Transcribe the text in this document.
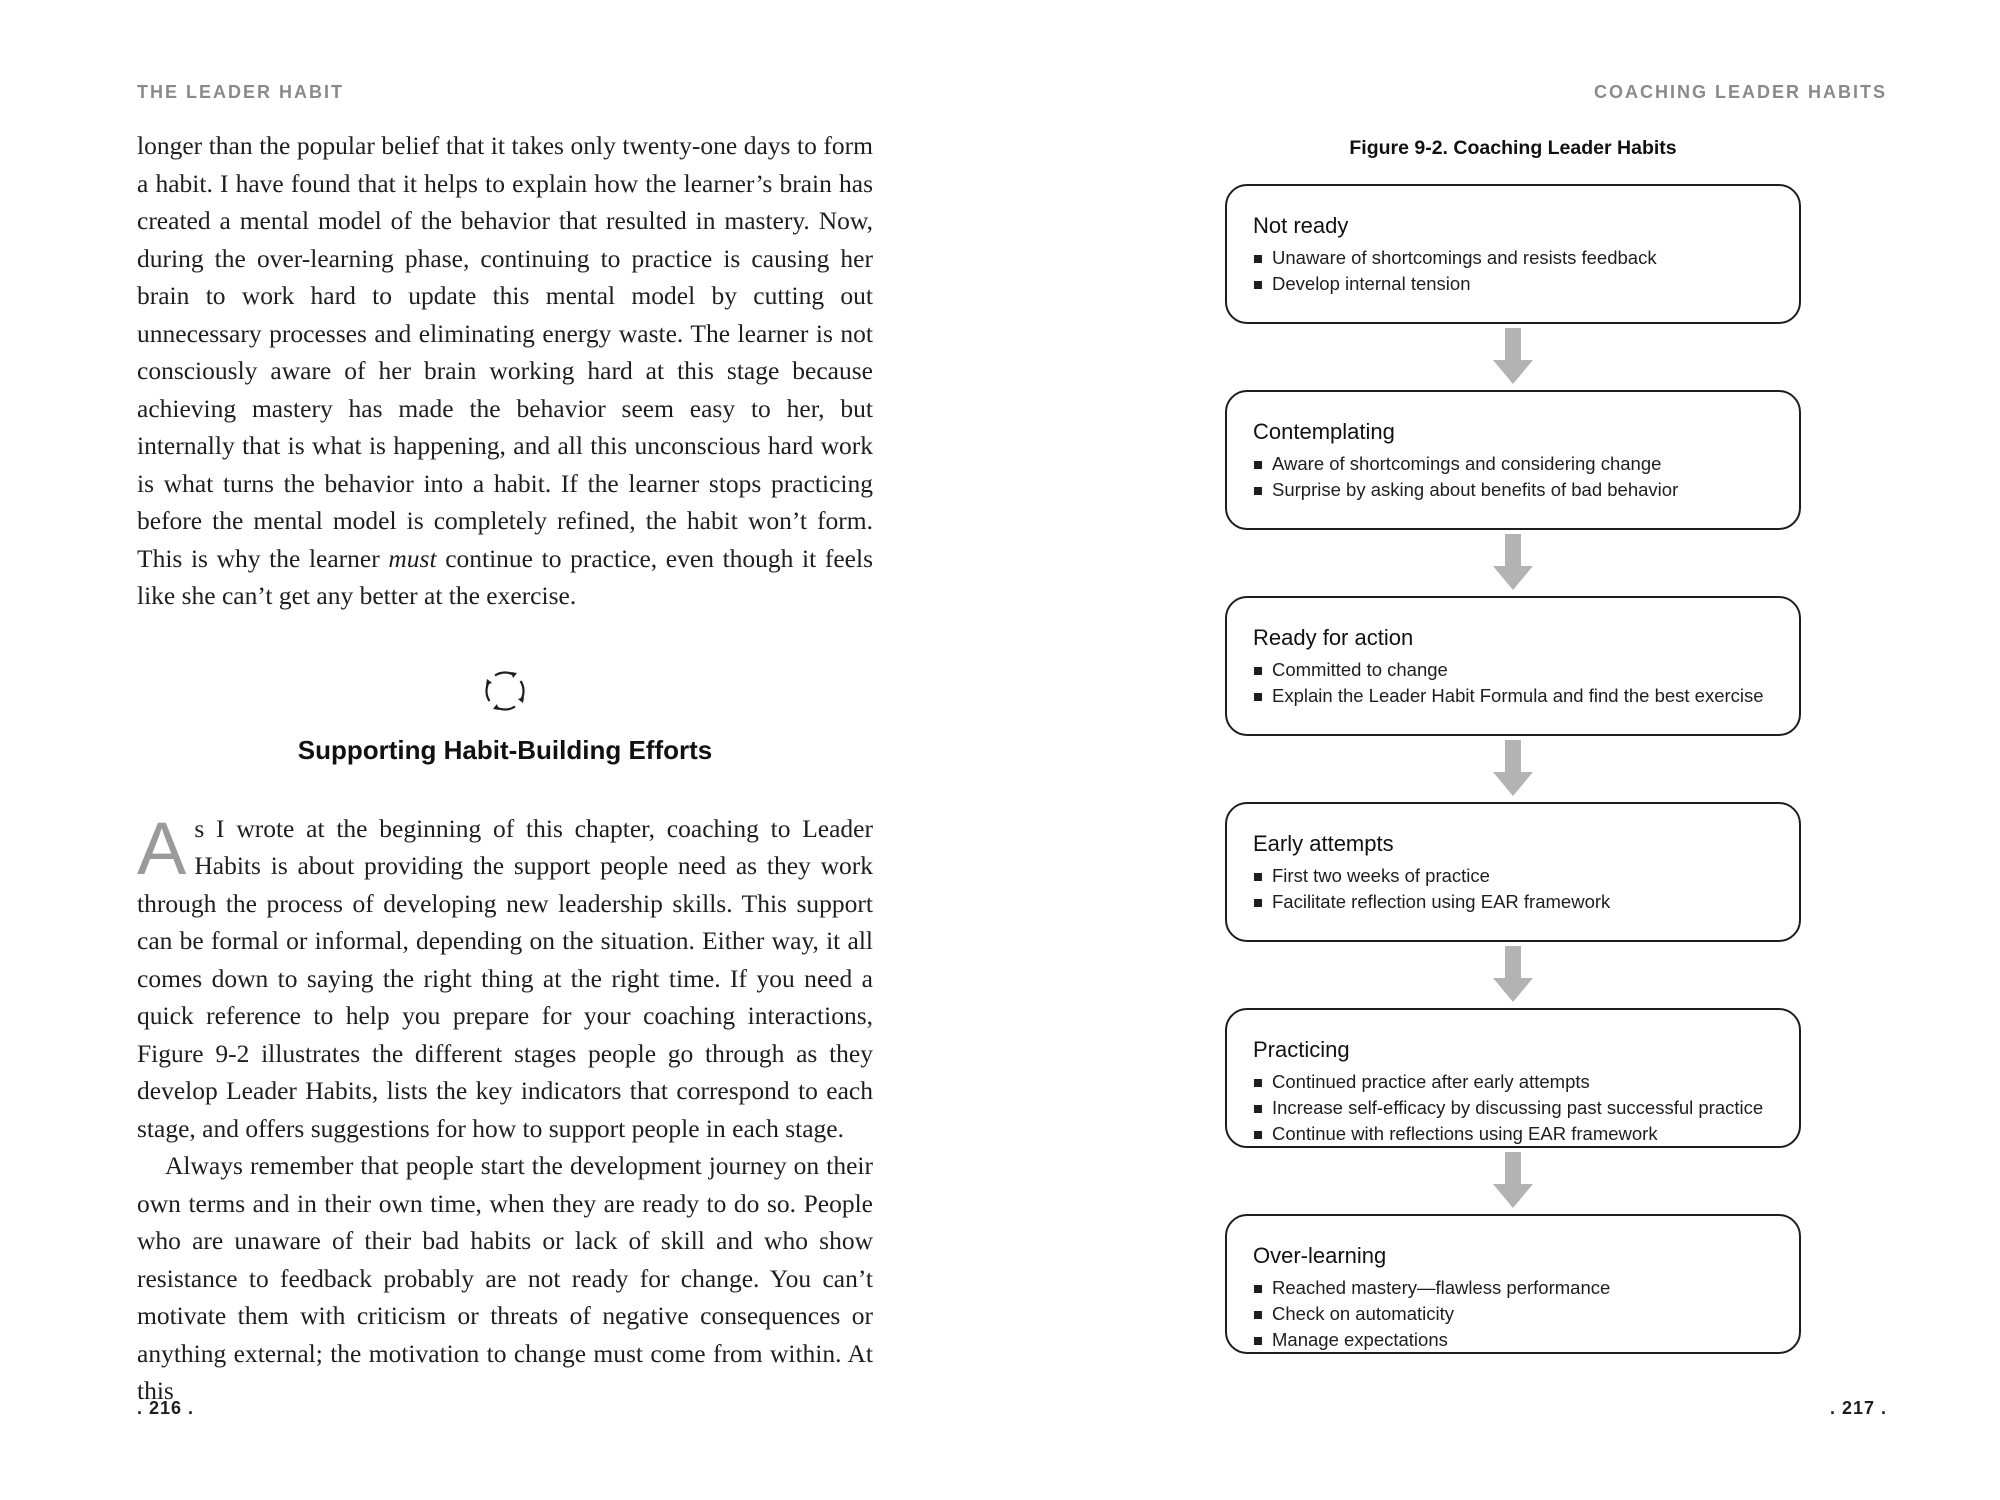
THE LEADER HABIT	COACHING LEADER HABITS

longer than the popular belief that it takes only twenty-one days to form a habit. I have found that it helps to explain how the learner’s brain has created a mental model of the behavior that resulted in mastery. Now, during the over-learning phase, continuing to practice is causing her brain to work hard to update this mental model by cutting out unnecessary processes and eliminating energy waste. The learner is not consciously aware of her brain working hard at this stage because achieving mastery has made the behavior seem easy to her, but internally that is what is happening, and all this unconscious hard work is what turns the behavior into a habit. If the learner stops practicing before the mental model is completely refined, the habit won’t form. This is why the learner must continue to practice, even though it feels like she can’t get any better at the exercise.

Supporting Habit-Building Efforts

As I wrote at the beginning of this chapter, coaching to Leader Habits is about providing the support people need as they work through the process of developing new leadership skills. This support can be formal or informal, depending on the situation. Either way, it all comes down to saying the right thing at the right time. If you need a quick reference to help you prepare for your coaching interactions, Figure 9-2 illustrates the different stages people go through as they develop Leader Habits, lists the key indicators that correspond to each stage, and offers suggestions for how to support people in each stage.

Always remember that people start the development journey on their own terms and in their own time, when they are ready to do so. People who are unaware of their bad habits or lack of skill and who show resistance to feedback probably are not ready for change. You can’t motivate them with criticism or threats of negative consequences or anything external; the motivation to change must come from within. At this

. 216 .
Figure 9-2. Coaching Leader Habits
Not ready
Unaware of shortcomings and resists feedback
Develop internal tension
Contemplating
Aware of shortcomings and considering change
Surprise by asking about benefits of bad behavior
Ready for action
Committed to change
Explain the Leader Habit Formula and find the best exercise
Early attempts
First two weeks of practice
Facilitate reflection using EAR framework
Practicing
Continued practice after early attempts
Increase self-efficacy by discussing past successful practice
Continue with reflections using EAR framework
Over-learning
Reached mastery—flawless performance
Check on automaticity
Manage expectations
. 217 .
